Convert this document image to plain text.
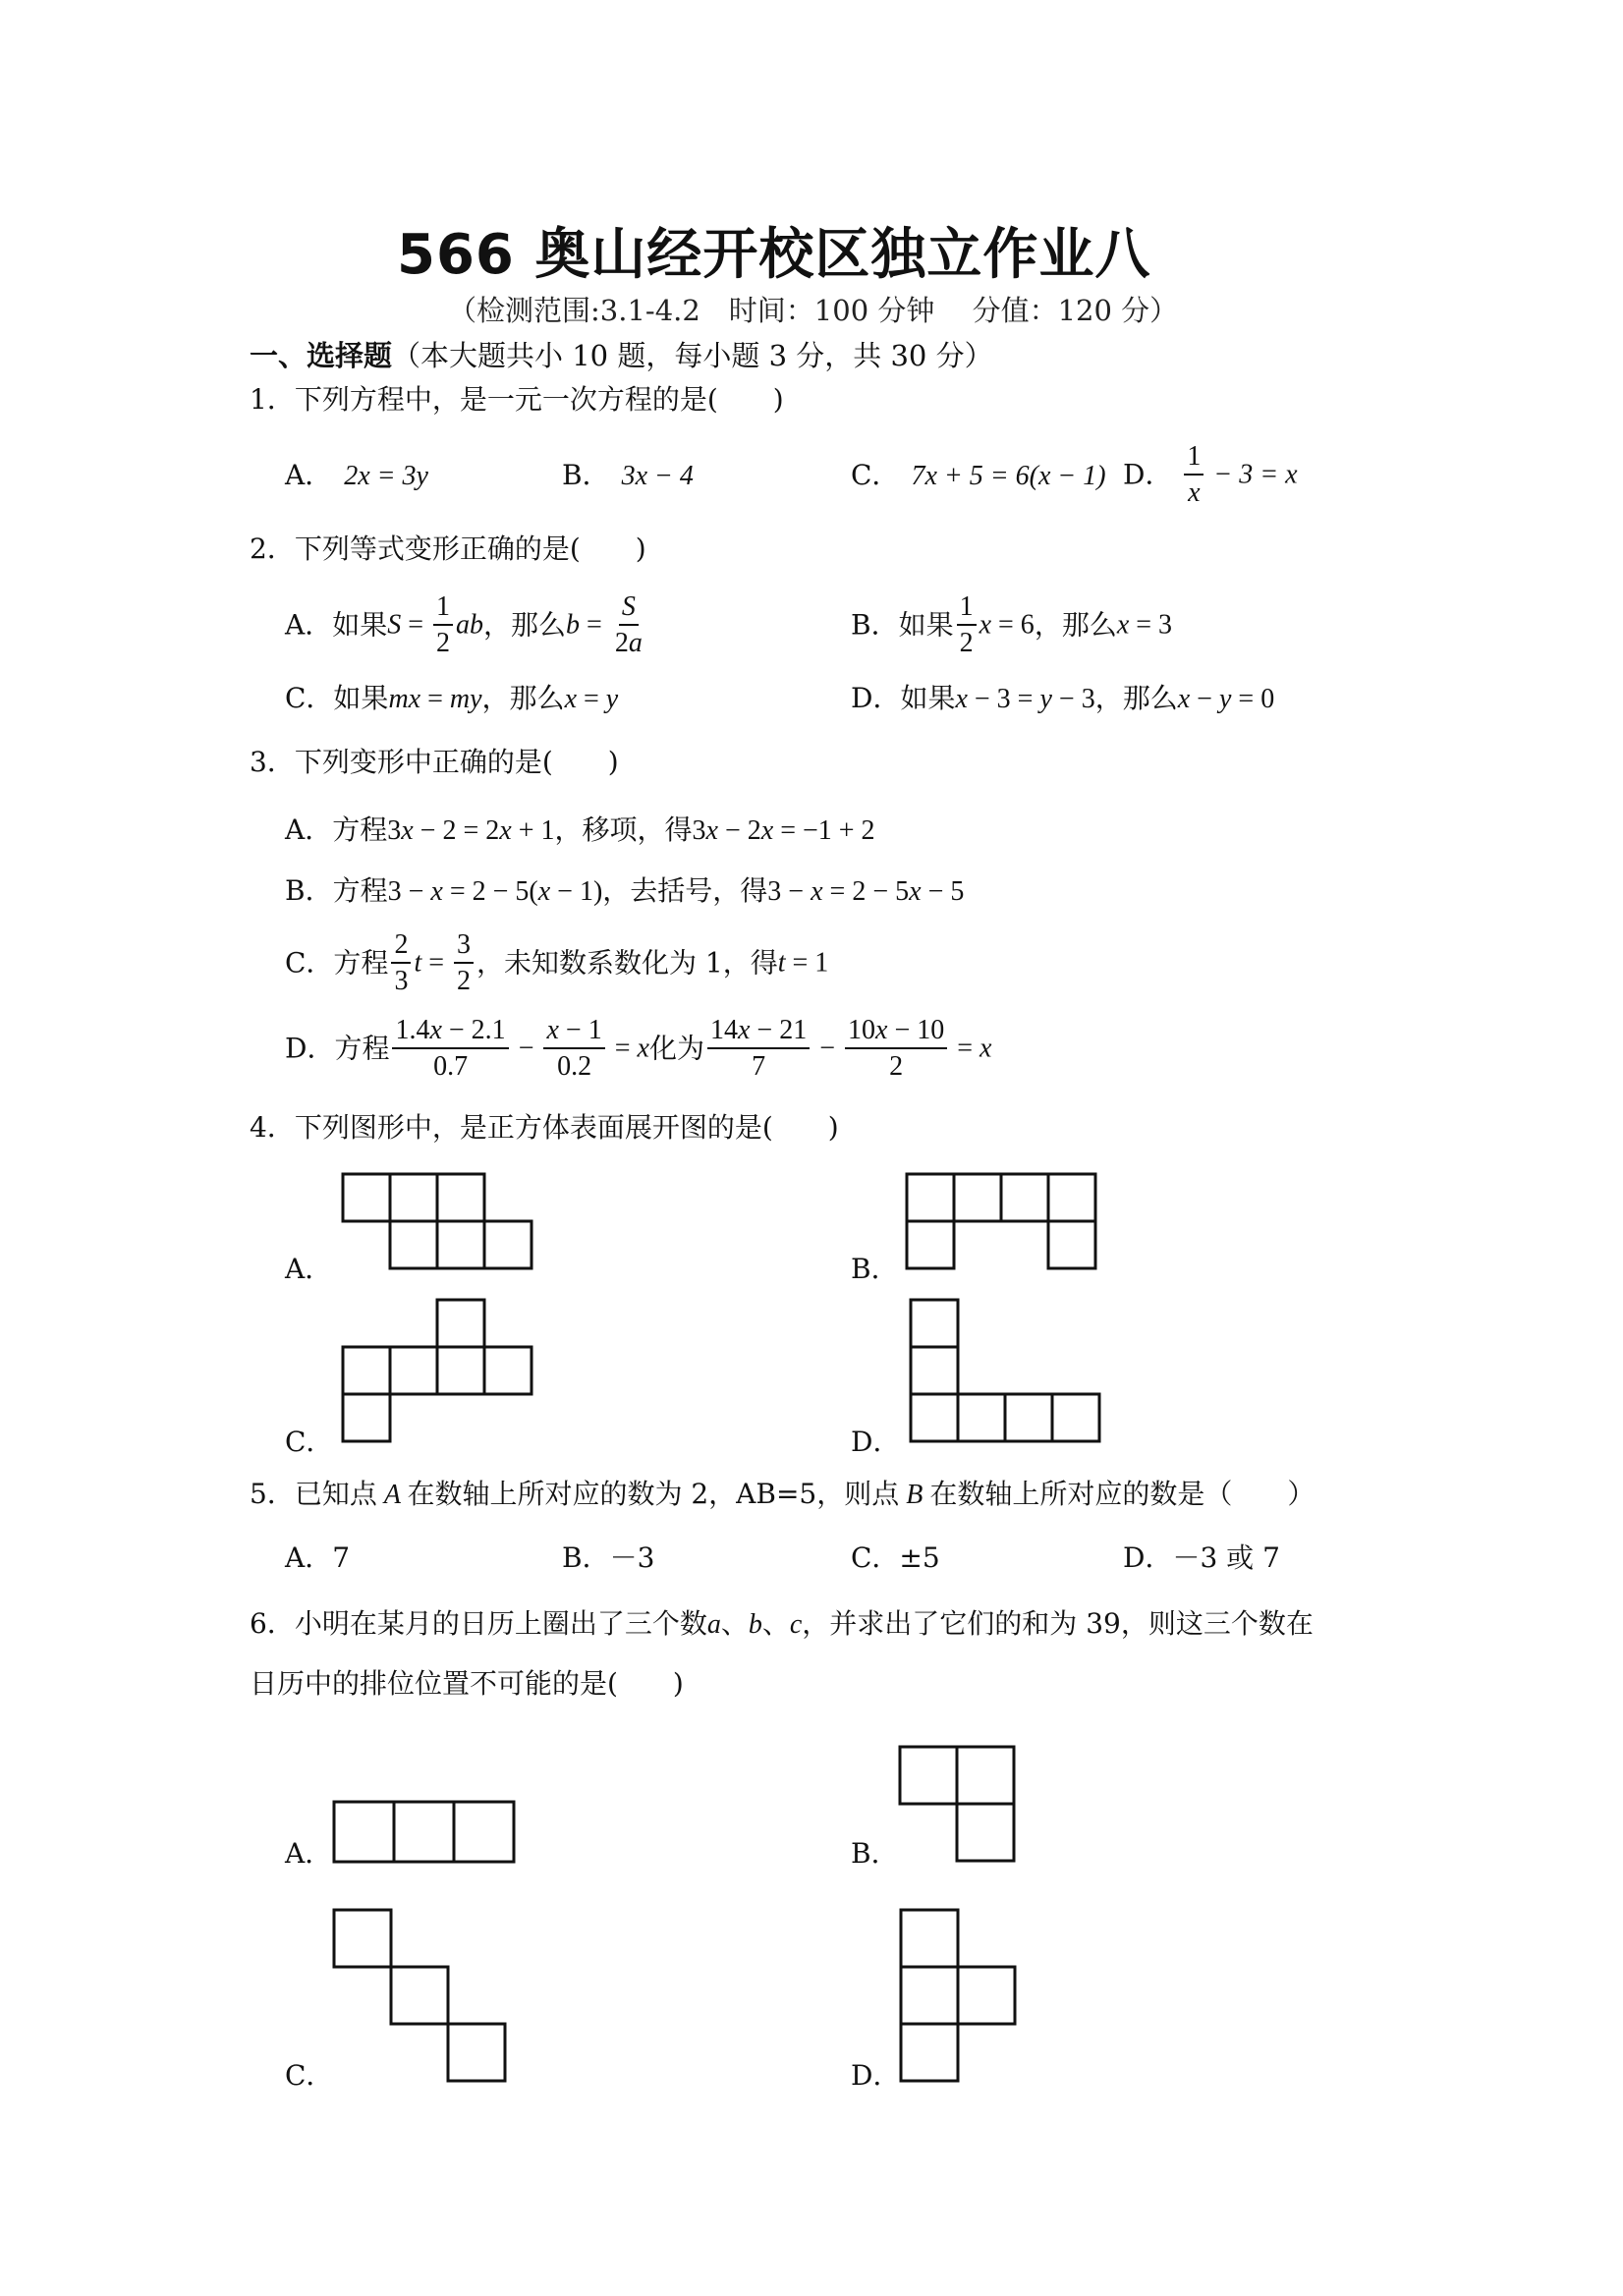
566 奥山经开校区独立作业八
（检测范围:3.1-4.2　时间：100 分钟　 分值：120 分）
一、选择题（本大题共小 10 题，每小题 3 分，共 30 分）
1．下列方程中，是一元一次方程的是(　　)
A． 2x = 3y	B． 3x − 4	C． 7x + 5 = 6(x − 1) D． $\frac{1}{x} - 3 = x$
2．下列等式变形正确的是(　　)
A．如果$S = \frac{1}{2}$ ab，那么$b = \frac{S}{2a}$	B．如果 $\frac{1}{2}$ x = 6，那么x = 3
C．如果mx = my，那么x = y	D．如果x − 3 = y − 3，那么x − y = 0
3．下列变形中正确的是(　　)
A．方程3x − 2 = 2x + 1，移项，得3x − 2x = −1 + 2
B．方程3 − x = 2 − 5(x − 1)，去括号，得3 − x = 2 − 5x − 5
C．方程 $\frac{2}{3}$ $t = \frac{3}{2}$ ，未知数系数化为 1，得t = 1
D．方程 $\frac{1.4x - 2.1}{0.7} - \frac{x - 1}{0.2} = x$化为 $\frac{14x - 21}{7} - \frac{10x - 10}{2} = x$
4．下列图形中，是正方体表面展开图的是(　　)
A．	B．
C．	D．
5．已知点 A 在数轴上所对应的数为 2，AB=5，则点 B 在数轴上所对应的数是（　　）
A．7	B．－3	C．±5	D．－3 或 7
6．小明在某月的日历上圈出了三个数a、b、c，并求出了它们的和为 39，则这三个数在
日历中的排位位置不可能的是(　　)
A．	B．
C．	D．
